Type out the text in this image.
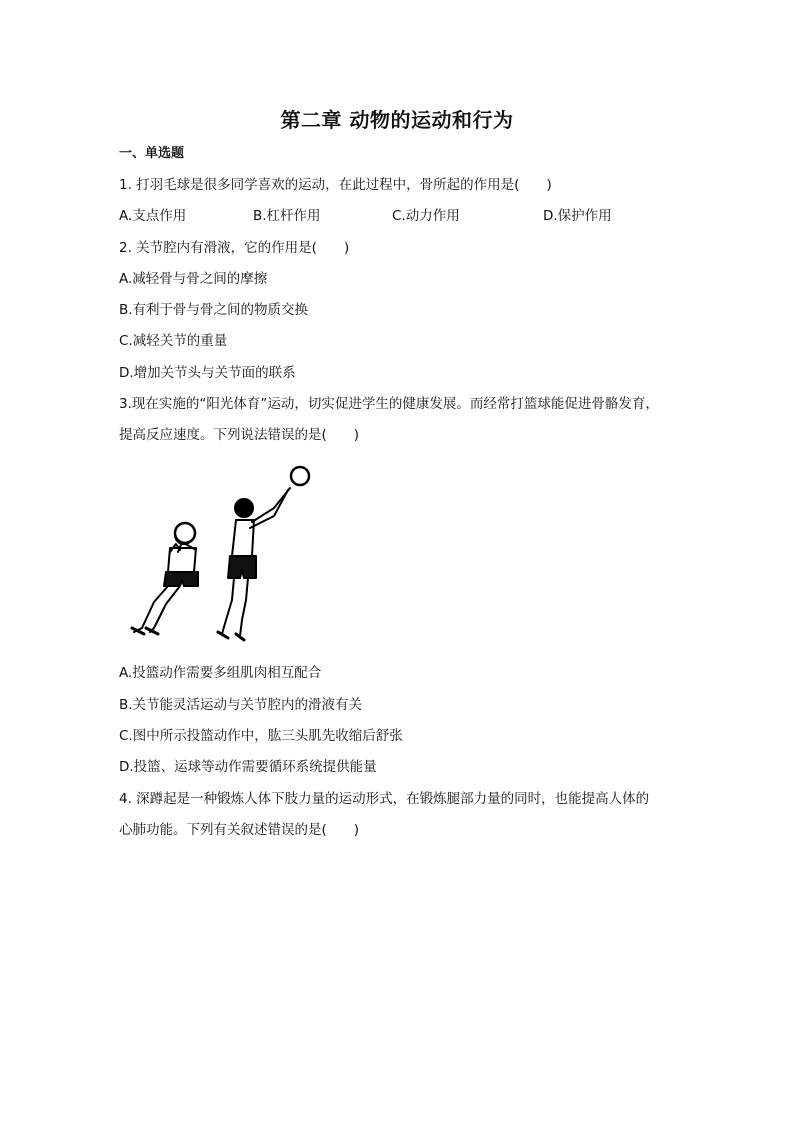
第二章 动物的运动和行为
一、单选题
1. 打羽毛球是很多同学喜欢的运动，在此过程中，骨所起的作用是(　　)
A.支点作用	B.杠杆作用	C.动力作用	D.保护作用
2. 关节腔内有滑液，它的作用是(　　)
A.减轻骨与骨之间的摩擦
B.有利于骨与骨之间的物质交换
C.减轻关节的重量
D.增加关节头与关节面的联系
3.现在实施的“阳光体育”运动，切实促进学生的健康发展。而经常打篮球能促进骨骼发育，
提高反应速度。下列说法错误的是(　　)
A.投篮动作需要多组肌肉相互配合
B.关节能灵活运动与关节腔内的滑液有关
C.图中所示投篮动作中，肱三头肌先收缩后舒张
D.投篮、运球等动作需要循环系统提供能量
4. 深蹲起是一种锻炼人体下肢力量的运动形式，在锻炼腿部力量的同时，也能提高人体的
心肺功能。下列有关叙述错误的是(　　)
